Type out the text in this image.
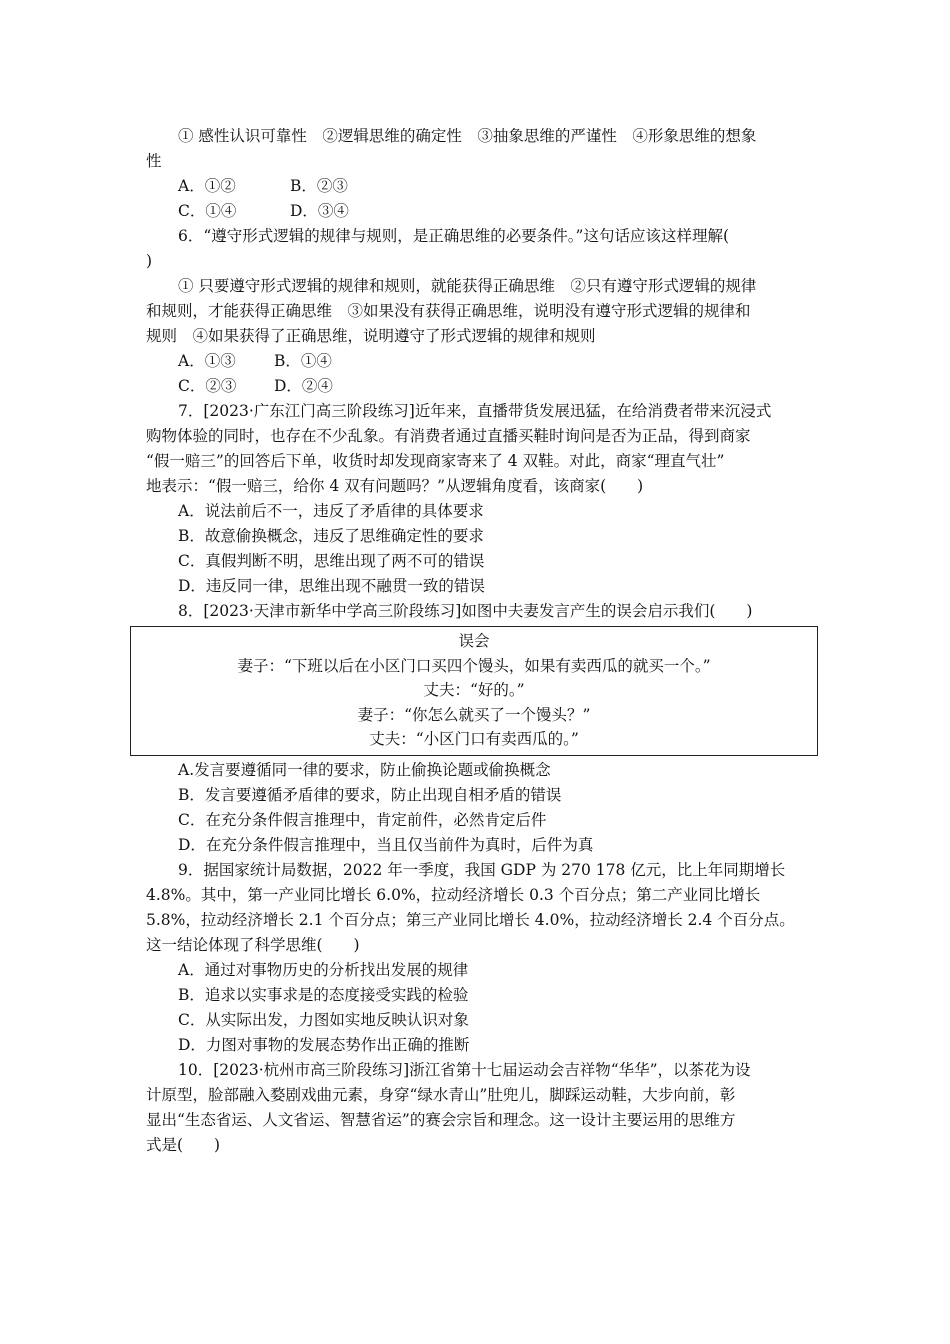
① 感性认识可靠性　②逻辑思维的确定性　③抽象思维的严谨性　④形象思维的想象
性
A．①②	B．②③
C．①④	D．③④
6．“遵守形式逻辑的规律与规则，是正确思维的必要条件。”这句话应该这样理解(
)
① 只要遵守形式逻辑的规律和规则，就能获得正确思维　②只有遵守形式逻辑的规律
和规则，才能获得正确思维　③如果没有获得正确思维，说明没有遵守形式逻辑的规律和
规则　④如果获得了正确思维，说明遵守了形式逻辑的规律和规则
A．①③ B．①④
C．②③ D．②④
7．[2023·广东江门高三阶段练习]近年来，直播带货发展迅猛，在给消费者带来沉浸式
购物体验的同时，也存在不少乱象。有消费者通过直播买鞋时询问是否为正品，得到商家
“假一赔三”的回答后下单，收货时却发现商家寄来了 4 双鞋。对此，商家“理直气壮”
地表示：“假一赔三，给你 4 双有问题吗？”从逻辑角度看，该商家(　　)
A．说法前后不一，违反了矛盾律的具体要求
B．故意偷换概念，违反了思维确定性的要求
C．真假判断不明，思维出现了两不可的错误
D．违反同一律，思维出现不融贯一致的错误
8．[2023·天津市新华中学高三阶段练习]如图中夫妻发言产生的误会启示我们(　　)
误会
妻子：“下班以后在小区门口买四个馒头，如果有卖西瓜的就买一个。”
丈夫：“好的。”
妻子：“你怎么就买了一个馒头？”
丈夫：“小区门口有卖西瓜的。”
A.发言要遵循同一律的要求，防止偷换论题或偷换概念
B．发言要遵循矛盾律的要求，防止出现自相矛盾的错误
C．在充分条件假言推理中，肯定前件，必然肯定后件
D．在充分条件假言推理中，当且仅当前件为真时，后件为真
9．据国家统计局数据，2022 年一季度，我国 GDP 为 270 178 亿元，比上年同期增长
4.8%。其中，第一产业同比增长 6.0%，拉动经济增长 0.3 个百分点；第二产业同比增长
5.8%，拉动经济增长 2.1 个百分点；第三产业同比增长 4.0%，拉动经济增长 2.4 个百分点。
这一结论体现了科学思维(　　)
A．通过对事物历史的分析找出发展的规律
B．追求以实事求是的态度接受实践的检验
C．从实际出发，力图如实地反映认识对象
D．力图对事物的发展态势作出正确的推断
10．[2023·杭州市高三阶段练习]浙江省第十七届运动会吉祥物“华华”，以茶花为设
计原型，脸部融入婺剧戏曲元素，身穿“绿水青山”肚兜儿，脚踩运动鞋，大步向前，彰
显出“生态省运、人文省运、智慧省运”的赛会宗旨和理念。这一设计主要运用的思维方
式是(　　)
